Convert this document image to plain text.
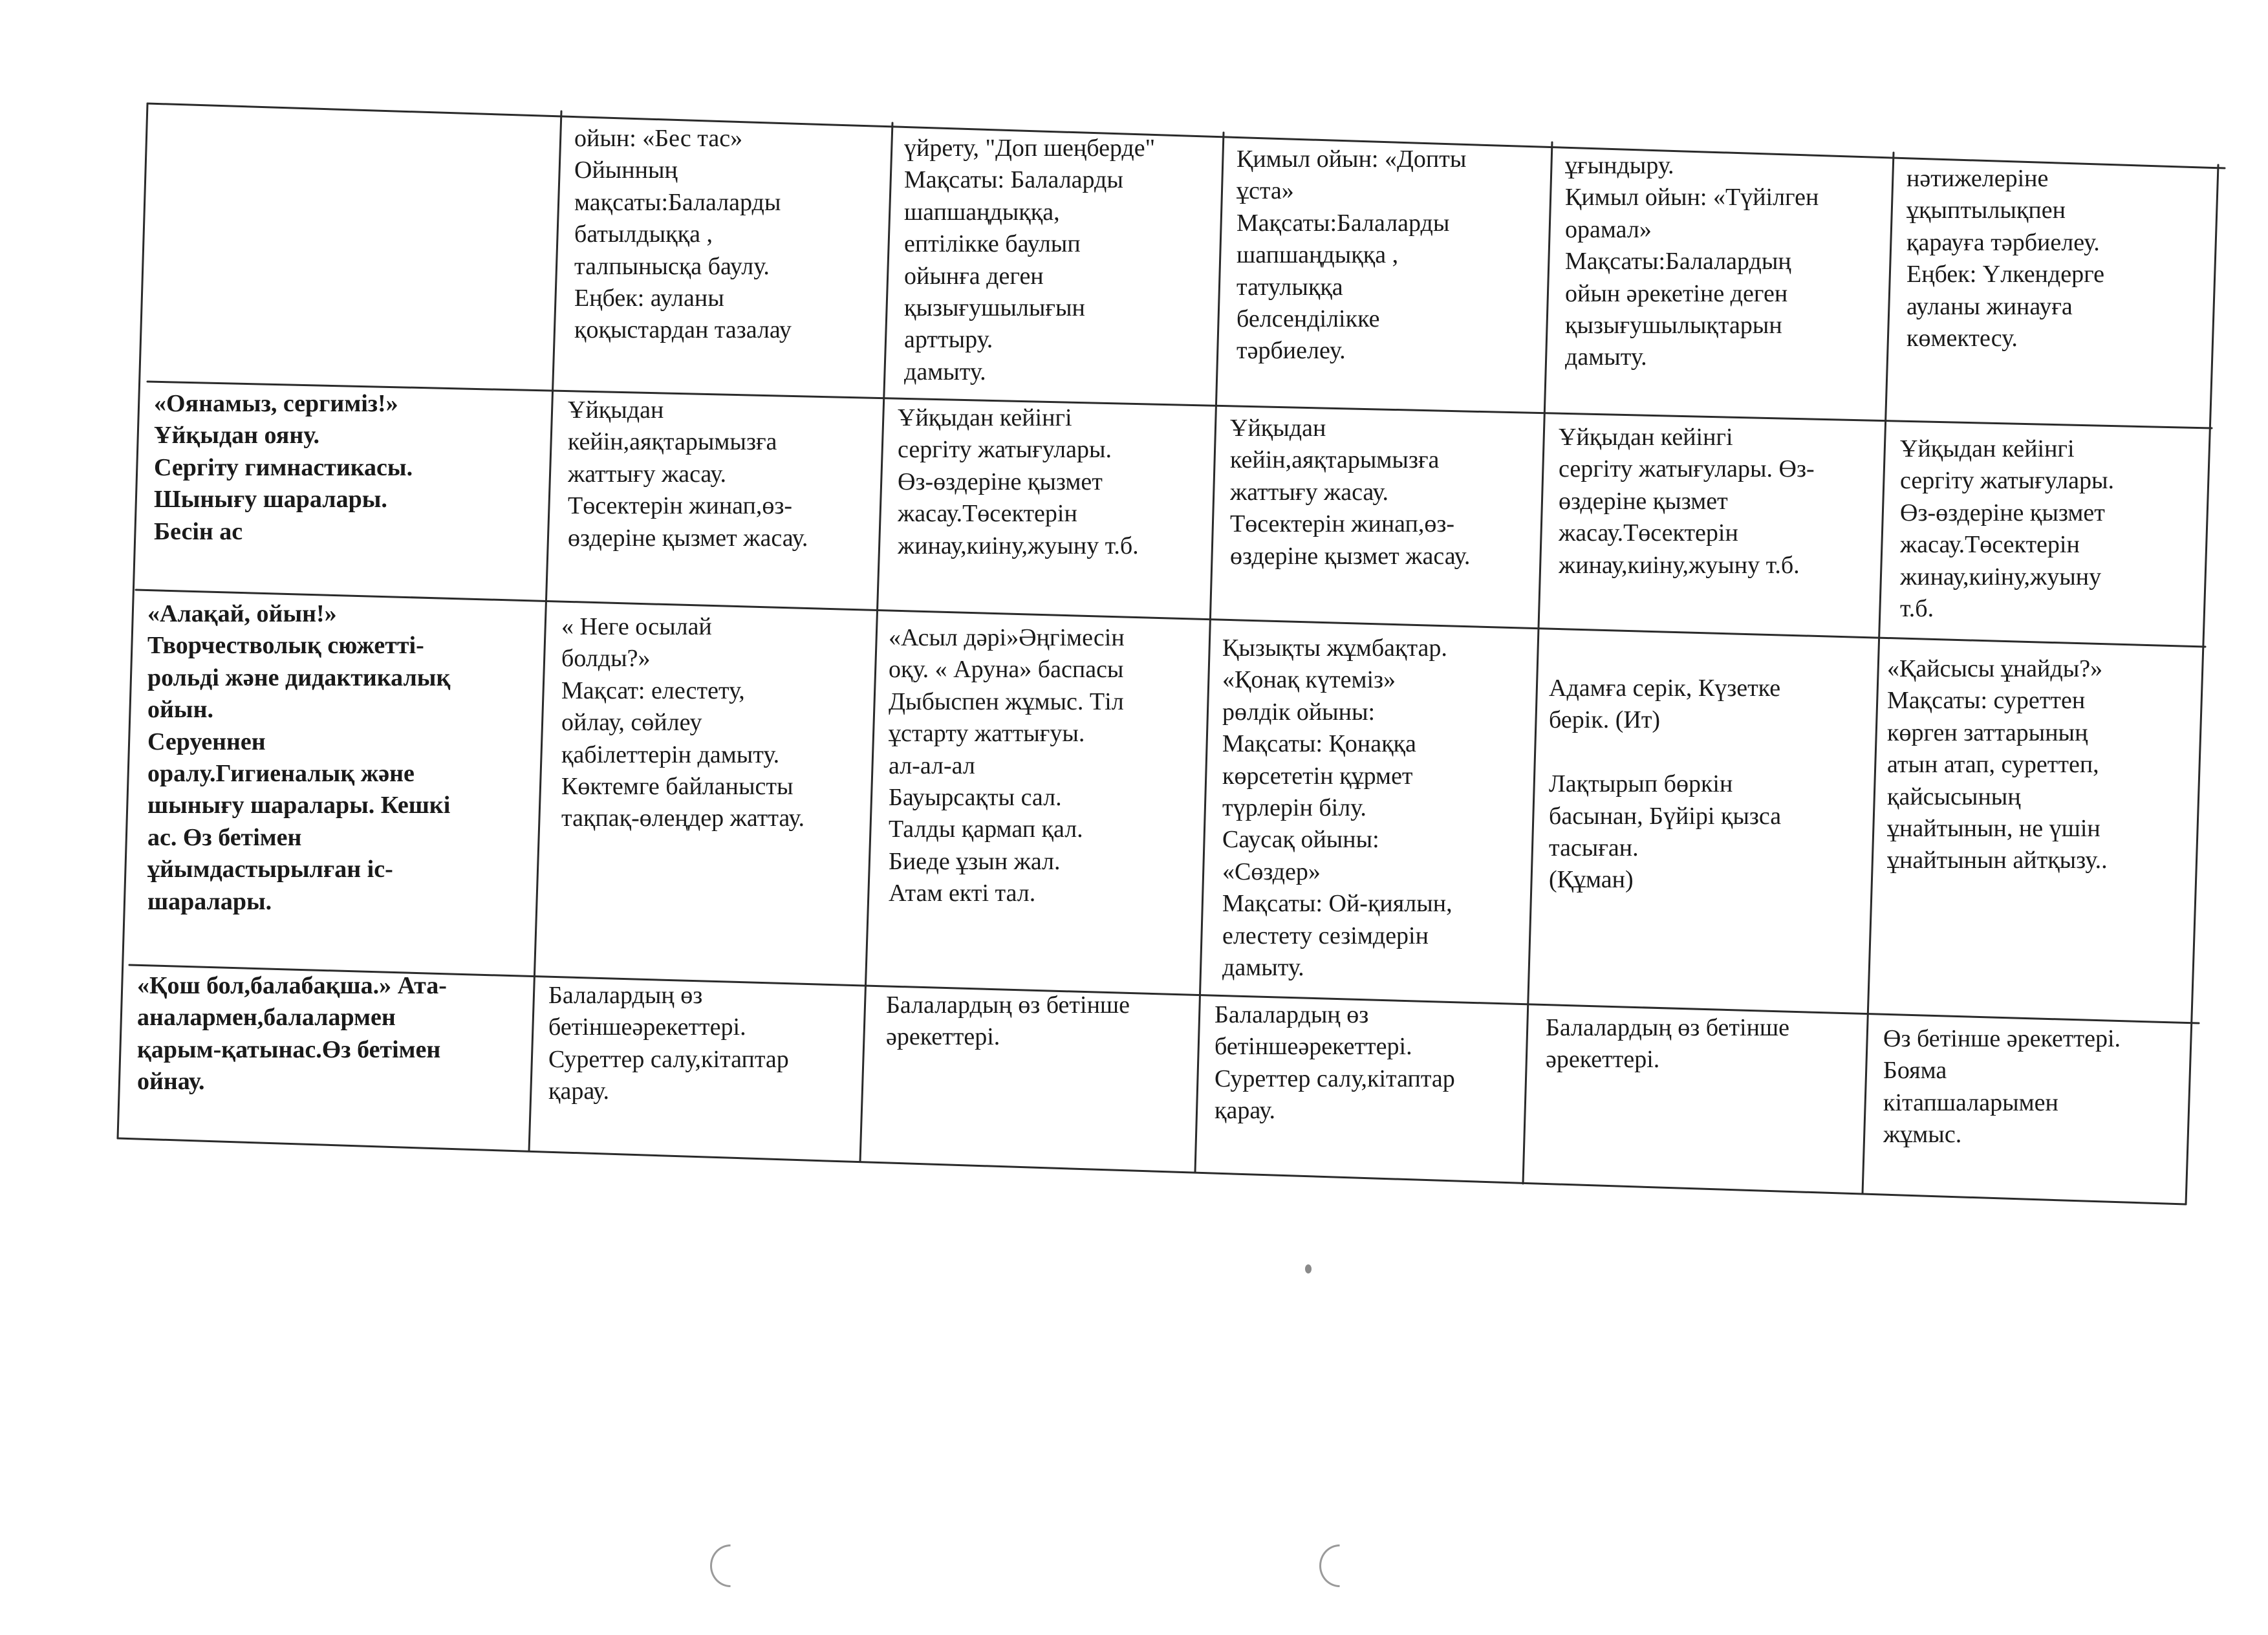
ойын: «Бес тас»
Ойынның
мақсаты:Балаларды
батылдыққа ,
талпынысқа баулу.
Еңбек: ауланы
қоқыстардан тазалау
үйрету, "Доп шеңберде"
Мақсаты: Балаларды
шапшаңдыққа,
ептілікке баулып
ойынға деген
қызығушылығын
арттыру.
дамыту.
Қимыл ойын: «Допты
ұста»
Мақсаты:Балаларды
шапшаңдыққа ,
татулыққа
белсенділікке
тәрбиелеу.
ұғындыру.
Қимыл ойын: «Түйілген
орамал»
Мақсаты:Балалардың
ойын әрекетіне деген
қызығушылықтарын
дамыту.
нәтижелеріне
ұқыптылықпен
қарауға тәрбиелеу.
Еңбек: Үлкендерге
ауланы жинауға
көмектесу.
«Оянамыз, сергиміз!»
Ұйқыдан ояну.
Сергіту гимнастикасы.
Шынығу шаралары.
Бесін ас
Ұйқыдан
кейін,аяқтарымызға
жаттығу жасау.
Төсектерін жинап,өз-
өздеріне қызмет жасау.
Ұйқыдан кейінгі
сергіту жатығулары.
Өз-өздеріне қызмет
жасау.Төсектерін
жинау,киіну,жуыну т.б.
Ұйқыдан
кейін,аяқтарымызға
жаттығу жасау.
Төсектерін жинап,өз-
өздеріне қызмет жасау.
Ұйқыдан кейінгі
сергіту жатығулары. Өз-
өздеріне қызмет
жасау.Төсектерін
жинау,киіну,жуыну т.б.
Ұйқыдан кейінгі
сергіту жатығулары.
Өз-өздеріне қызмет
жасау.Төсектерін
жинау,киіну,жуыну
т.б.
«Алақай, ойын!»
Творчестволық сюжетті-
рольді және дидактикалық
ойын.
Серуеннен
оралу.Гигиеналық және
шынығу шаралары. Кешкі
ас. Өз бетімен
ұйымдастырылған іс-
шаралары.
« Неге осылай
болды?»
Мақсат: елестету,
ойлау, сөйлеу
қабілеттерін дамыту.
Көктемге байланысты
тақпақ-өлеңдер жаттау.
«Асыл дәрі»Әңгімесін
оқу. « Аруна» баспасы
Дыбыспен жұмыс. Тіл
ұстарту жаттығуы.
ал-ал-ал
Бауырсақты сал.
Талды қармап қал.
Биеде ұзын жал.
Атам екті тал.
Қызықты жұмбақтар.
«Қонақ күтеміз»
рөлдік ойыны:
Мақсаты: Қонаққа
көрсететін құрмет
түрлерін білу.
Саусақ ойыны:
«Сөздер»
Мақсаты: Ой-қиялын,
елестету сезімдерін
дамыту.
Адамға серік, Күзетке
берік. (Ит)

Лақтырып бөркін
басынан, Бүйірі қызса
тасыған.
(Құман)
«Қайсысы ұнайды?»
Мақсаты: суреттен
көрген заттарының
атын атап, суреттеп,
қайсысының
ұнайтынын, не үшін
ұнайтынын айтқызу..
«Қош бол,балабақша.» Ата-
аналармен,балалармен
қарым-қатынас.Өз бетімен
ойнау.
Балалардың өз
бетіншеәрекеттері.
Суреттер салу,кітаптар
қарау.
Балалардың өз бетінше
әрекеттері.
Балалардың өз
бетіншеәрекеттері.
Суреттер салу,кітаптар
қарау.
Балалардың өз бетінше
әрекеттері.
Өз бетінше әрекеттері.
Бояма
кітапшаларымен
жұмыс.
